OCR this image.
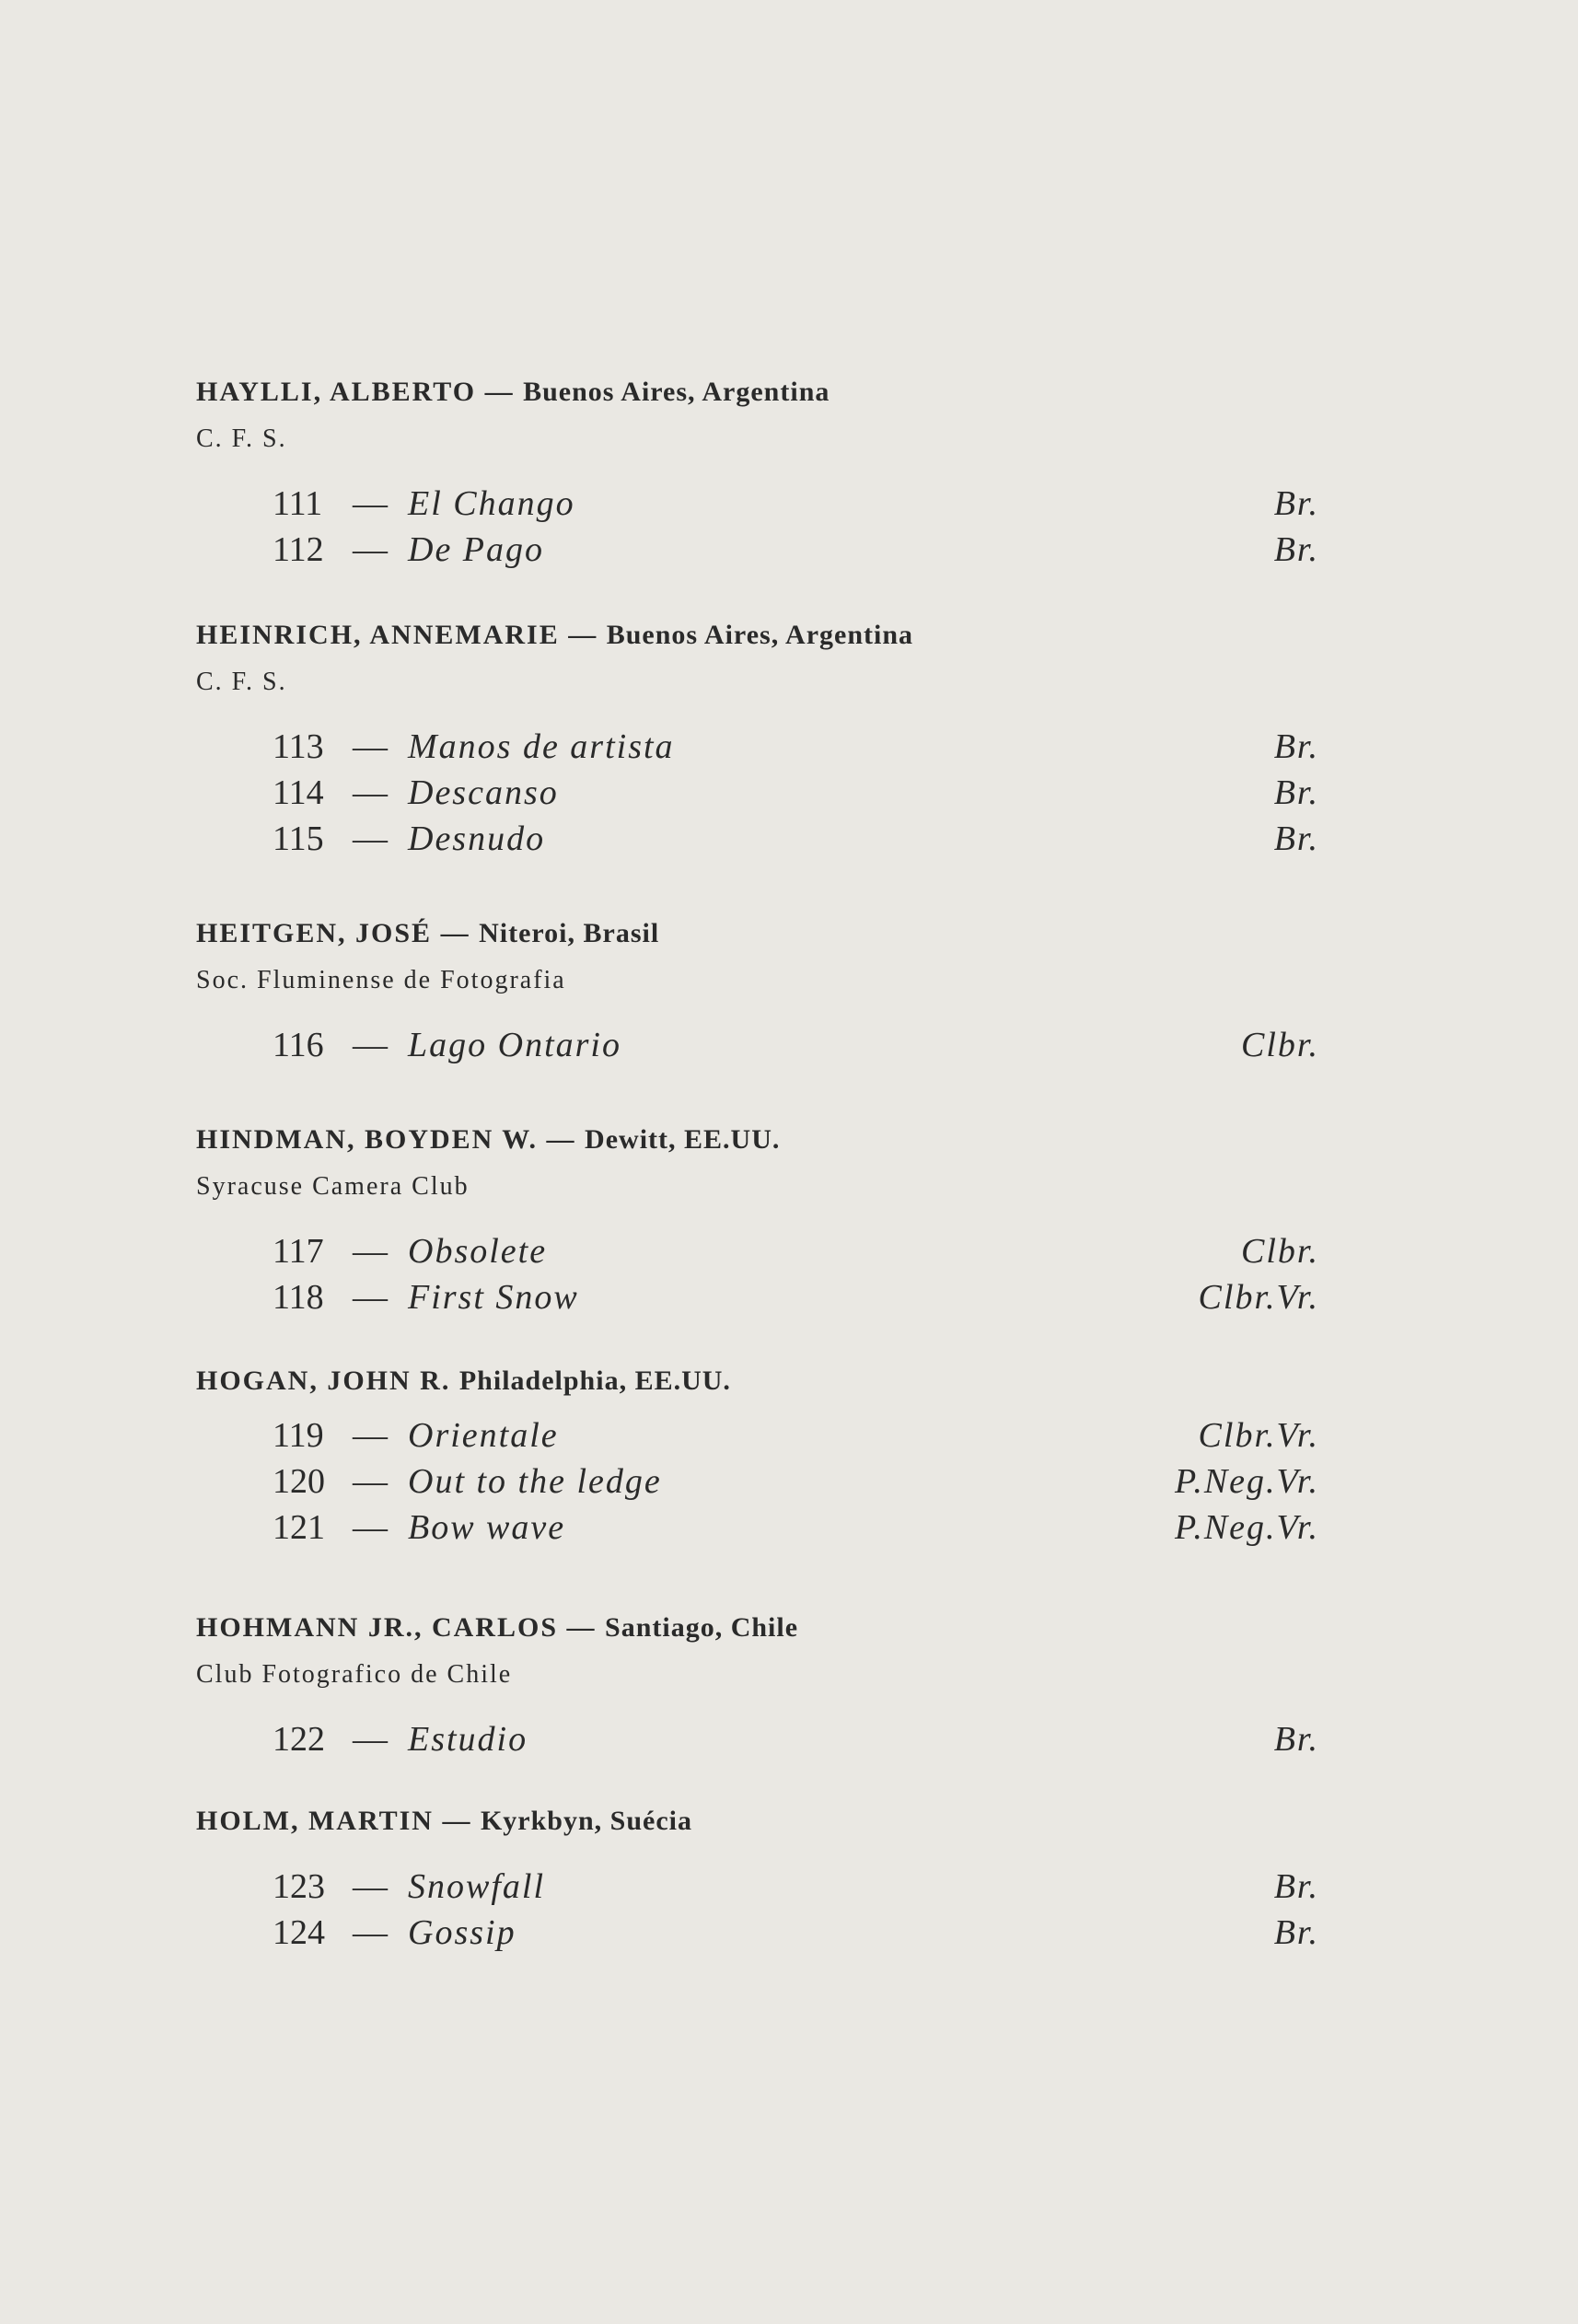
HAYLLI, ALBERTO — Buenos Aires, Argentina
C. F. S.
111 — El Chango	Br.
112 — De Pago	Br.
HEINRICH, ANNEMARIE — Buenos Aires, Argentina
C. F. S.
113 — Manos de artista	Br.
114 — Descanso	Br.
115 — Desnudo	Br.
HEITGEN, JOSÉ — Niteroi, Brasil
Soc. Fluminense de Fotografia
116 — Lago Ontario	Clbr.
HINDMAN, BOYDEN W. — Dewitt, EE.UU.
Syracuse Camera Club
117 — Obsolete	Clbr.
118 — First Snow	Clbr.Vr.
HOGAN, JOHN R. Philadelphia, EE.UU.
119 — Orientale	Clbr.Vr.
120 — Out to the ledge	P.Neg.Vr.
121 — Bow wave	P.Neg.Vr.
HOHMANN JR., CARLOS — Santiago, Chile
Club Fotografico de Chile
122 — Estudio	Br.
HOLM, MARTIN — Kyrkbyn, Suécia
123 — Snowfall	Br.
124 — Gossip	Br.
